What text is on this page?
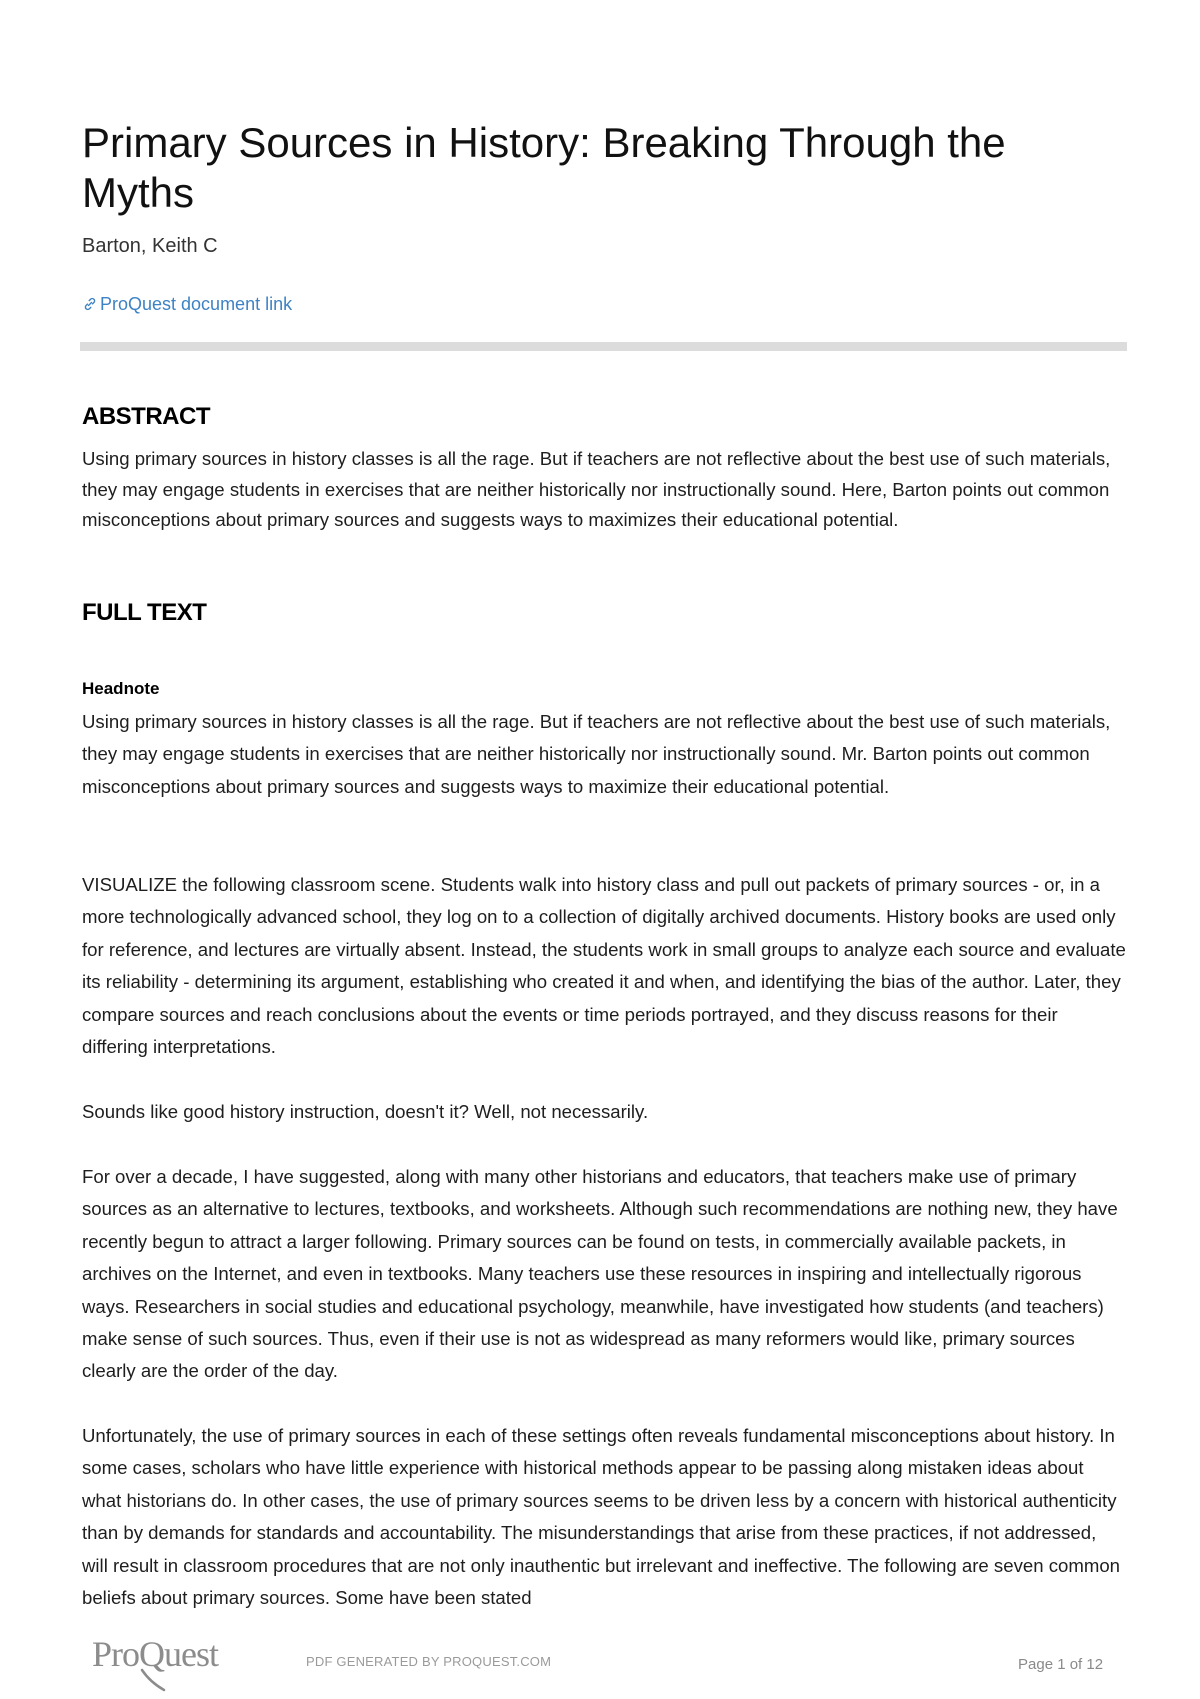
Primary Sources in History: Breaking Through the Myths
Barton, Keith C
ProQuest document link
ABSTRACT

Using primary sources in history classes is all the rage. But if teachers are not reflective about the best use of such materials, they may engage students in exercises that are neither historically nor instructionally sound. Here, Barton points out common misconceptions about primary sources and suggests ways to maximizes their educational potential.

FULL TEXT
Headnote

Using primary sources in history classes is all the rage. But if teachers are not reflective about the best use of such materials, they may engage students in exercises that are neither historically nor instructionally sound. Mr. Barton points out common misconceptions about primary sources and suggests ways to maximize their educational potential.

VISUALIZE the following classroom scene. Students walk into history class and pull out packets of primary sources - or, in a more technologically advanced school, they log on to a collection of digitally archived documents. History books are used only for reference, and lectures are virtually absent. Instead, the students work in small groups to analyze each source and evaluate its reliability - determining its argument, establishing who created it and when, and identifying the bias of the author. Later, they compare sources and reach conclusions about the events or time periods portrayed, and they discuss reasons for their differing interpretations.

Sounds like good history instruction, doesn't it? Well, not necessarily.

For over a decade, I have suggested, along with many other historians and educators, that teachers make use of primary sources as an alternative to lectures, textbooks, and worksheets. Although such recommendations are nothing new, they have recently begun to attract a larger following. Primary sources can be found on tests, in commercially available packets, in archives on the Internet, and even in textbooks. Many teachers use these resources in inspiring and intellectually rigorous ways. Researchers in social studies and educational psychology, meanwhile, have investigated how students (and teachers) make sense of such sources. Thus, even if their use is not as widespread as many reformers would like, primary sources clearly are the order of the day.

Unfortunately, the use of primary sources in each of these settings often reveals fundamental misconceptions about history. In some cases, scholars who have little experience with historical methods appear to be passing along mistaken ideas about what historians do. In other cases, the use of primary sources seems to be driven less by a concern with historical authenticity than by demands for standards and accountability. The misunderstandings that arise from these practices, if not addressed, will result in classroom procedures that are not only inauthentic but irrelevant and ineffective. The following are seven common beliefs about primary sources. Some have been stated

ProQuest	PDF GENERATED BY PROQUEST.COM	Page 1 of 12
